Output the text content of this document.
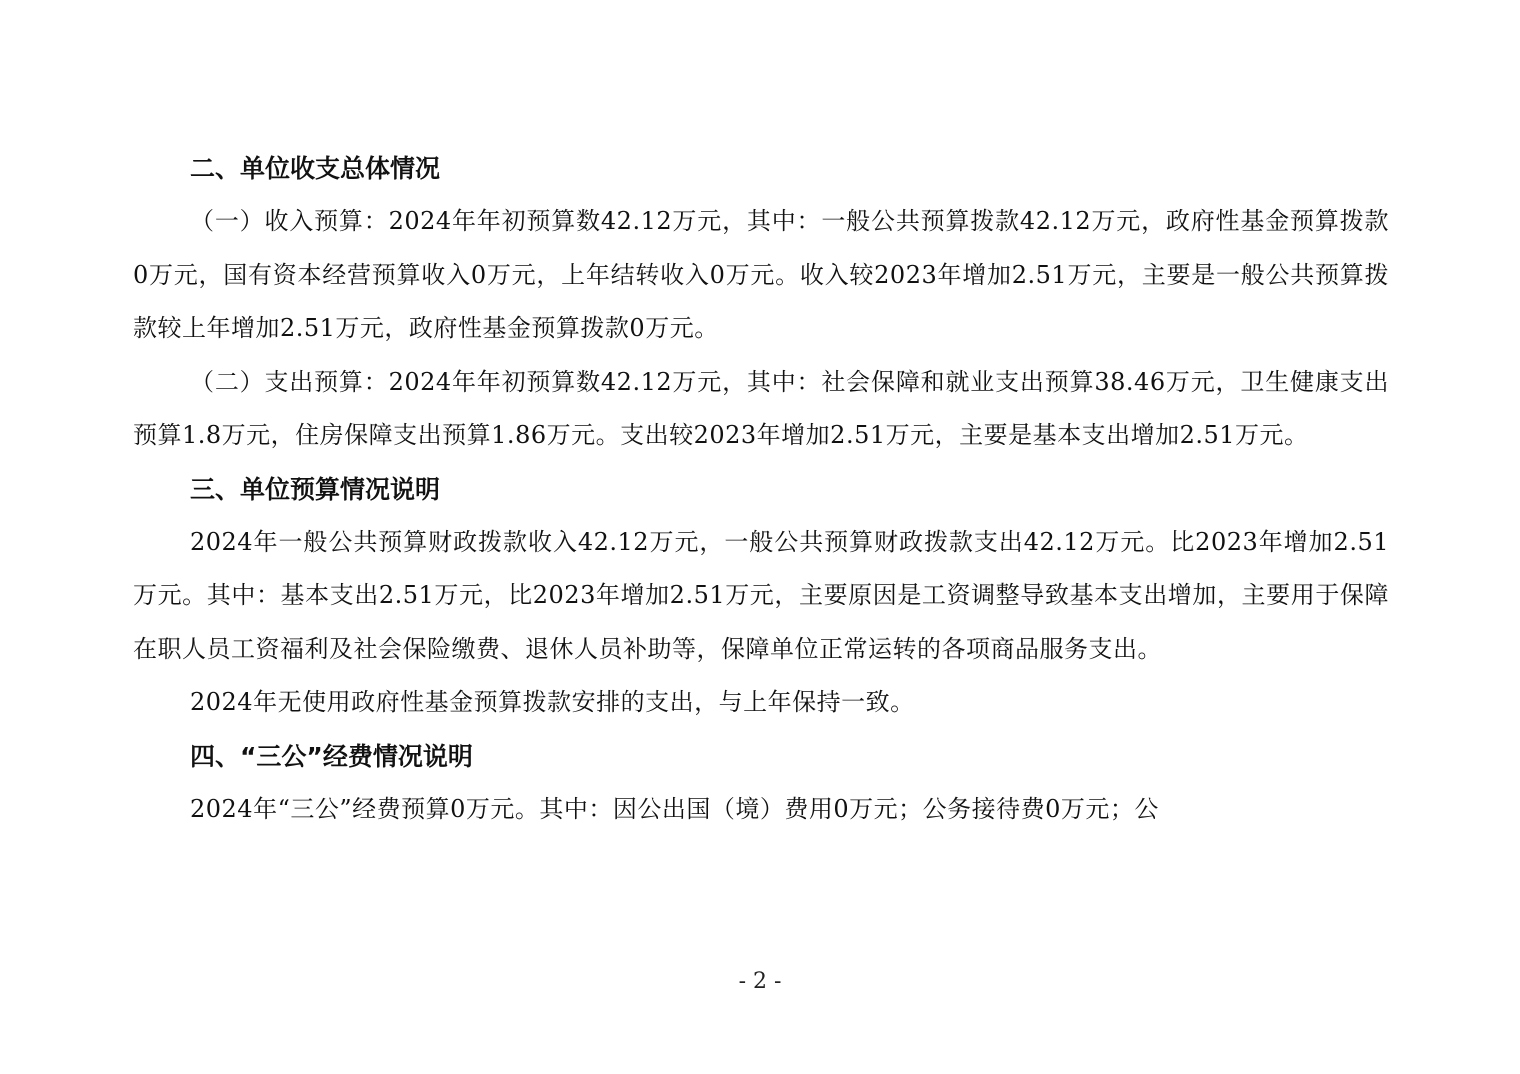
二、单位收支总体情况

（一）收入预算：2024年年初预算数42.12万元，其中：一般公共预算拨款42.12万元，政府性基金预算拨款0万元，国有资本经营预算收入0万元，上年结转收入0万元。收入较2023年增加2.51万元，主要是一般公共预算拨款较上年增加2.51万元，政府性基金预算拨款0万元。

（二）支出预算：2024年年初预算数42.12万元，其中：社会保障和就业支出预算38.46万元，卫生健康支出预算1.8万元，住房保障支出预算1.86万元。支出较2023年增加2.51万元，主要是基本支出增加2.51万元。

三、单位预算情况说明

2024年一般公共预算财政拨款收入42.12万元，一般公共预算财政拨款支出42.12万元。比2023年增加2.51万元。其中：基本支出2.51万元，比2023年增加2.51万元，主要原因是工资调整导致基本支出增加，主要用于保障在职人员工资福利及社会保险缴费、退休人员补助等，保障单位正常运转的各项商品服务支出。

2024年无使用政府性基金预算拨款安排的支出，与上年保持一致。

四、“三公”经费情况说明

2024年“三公”经费预算0万元。其中：因公出国（境）费用0万元；公务接待费0万元；公

- 2 -
